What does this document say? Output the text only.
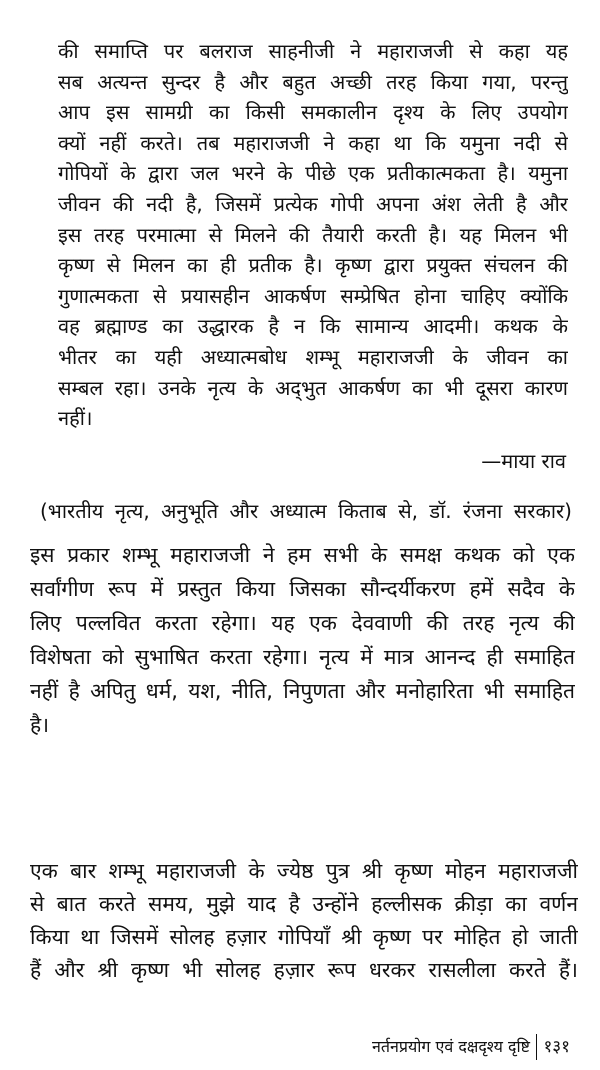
की समाप्ति पर बलराज साहनीजी ने महाराजजी से कहा यह
सब अत्यन्त सुन्दर है और बहुत अच्छी तरह किया गया, परन्तु
आप इस सामग्री का किसी समकालीन दृश्य के लिए उपयोग
क्यों नहीं करते। तब महाराजजी ने कहा था कि यमुना नदी से
गोपियों के द्वारा जल भरने के पीछे एक प्रतीकात्मकता है। यमुना
जीवन की नदी है, जिसमें प्रत्येक गोपी अपना अंश लेती है और
इस तरह परमात्मा से मिलने की तैयारी करती है। यह मिलन भी
कृष्ण से मिलन का ही प्रतीक है। कृष्ण द्वारा प्रयुक्त संचलन की
गुणात्मकता से प्रयासहीन आकर्षण सम्प्रेषित होना चाहिए क्योंकि
वह ब्रह्माण्ड का उद्धारक है न कि सामान्य आदमी। कथक के
भीतर का यही अध्यात्मबोध शम्भू महाराजजी के जीवन का
सम्बल रहा। उनके नृत्य के अद्‌भुत आकर्षण का भी दूसरा कारण
नहीं।
—माया राव
(भारतीय नृत्य, अनुभूति और अध्यात्म किताब से, डॉ. रंजना सरकार)
इस प्रकार शम्भू महाराजजी ने हम सभी के समक्ष कथक को एक
सर्वांगीण रूप में प्रस्तुत किया जिसका सौन्दर्यीकरण हमें सदैव के
लिए पल्लवित करता रहेगा। यह एक देववाणी की तरह नृत्य की
विशेषता को सुभाषित करता रहेगा। नृत्य में मात्र आनन्द ही समाहित
नहीं है अपितु धर्म, यश, नीति, निपुणता और मनोहारिता भी समाहित
है।
एक बार शम्भू महाराजजी के ज्येष्ठ पुत्र श्री कृष्ण मोहन महाराजजी
से बात करते समय, मुझे याद है उन्होंने हल्लीसक क्रीड़ा का वर्णन
किया था जिसमें सोलह हज़ार गोपियाँ श्री कृष्ण पर मोहित हो जाती
हैं और श्री कृष्ण भी सोलह हज़ार रूप धरकर रासलीला करते हैं।
नर्तनप्रयोग एवं दक्षदृश्य दृष्टि १३१
